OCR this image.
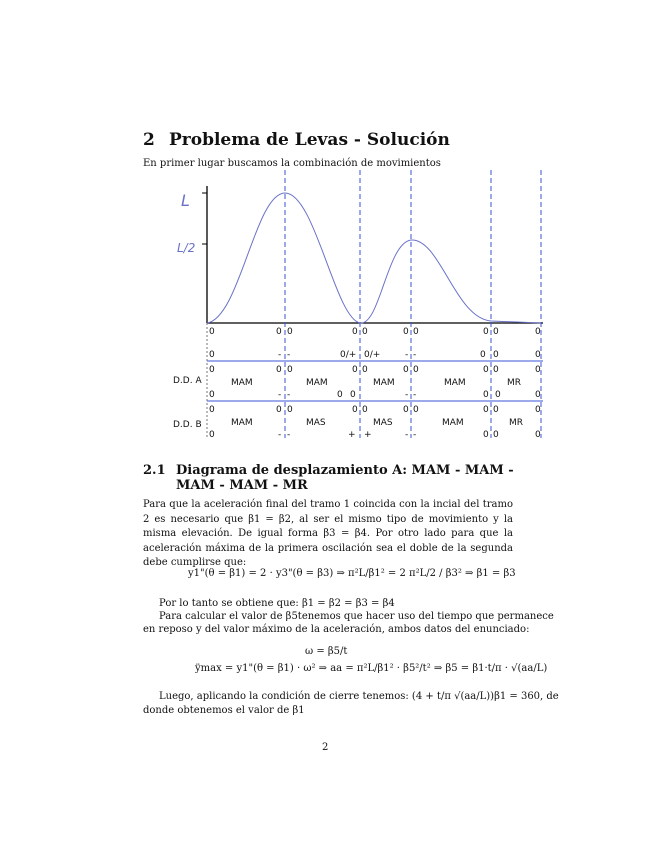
2 Problema de Levas - Solución
En primer lugar buscamos la combinación de movimientos
L
L/2
0	0 0	0 0	0 0	0 0	0
0	- -	0/+ 0/+	- -	0 0	0
0	0 0	0 0	0 0	0 0	0
D.D. A	MAM	MAM	MAM	MAM	MR
0	- -	0 0	- -	0 0	0
0	0 0	0 0	0 0	0 0	0
D.D. B	MAM	MAS	MAS	MAM	MR
0	- -	+ +	- -	0 0	0
2.1 Diagrama de desplazamiento A: MAM - MAM - MAM - MAM - MR
Para que la aceleración final del tramo 1 coincida con la incial del tramo 2 es necesario que β1 = β2, al ser el mismo tipo de movimiento y la misma elevación. De igual forma β3 = β4. Por otro lado para que la aceleración máxima de la primera oscilación sea el doble de la segunda debe cumplirse que:
y1"(θ = β1) = 2 · y3"(θ = β3) ⇒ π²L/β1² = 2 π²L/2 / β3² ⇒ β1 = β3
Por lo tanto se obtiene que: β1 = β2 = β3 = β4
Para calcular el valor de β5tenemos que hacer uso del tiempo que permanece
en reposo y del valor máximo de la aceleración, ambos datos del enunciado:
ω = β5/t
ÿmax = y1"(θ = β1) · ω² ⇒ aa = π²L/β1² · β5²/t² ⇒ β5 = β1·t/π · √(aa/L)
Luego, aplicando la condición de cierre tenemos: (4 + t/π √(aa/L))β1 = 360, de
donde obtenemos el valor de β1
2
